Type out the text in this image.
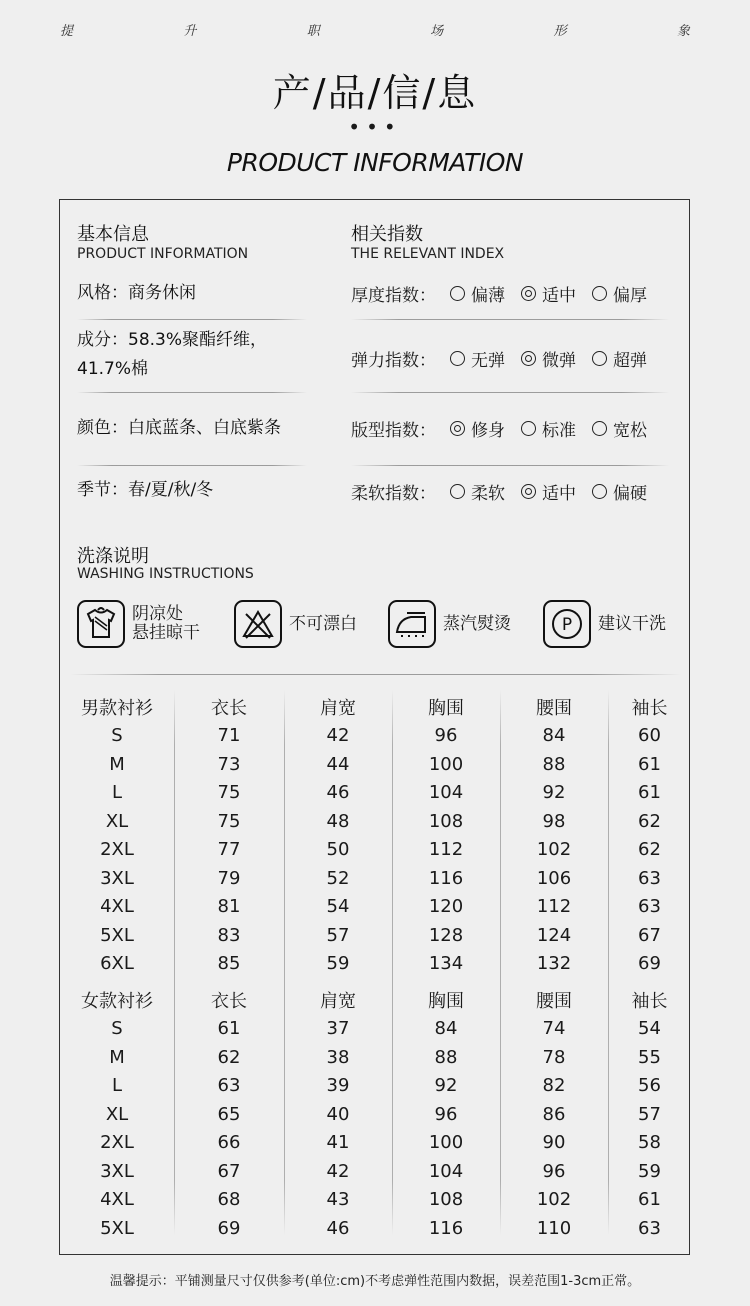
提	升	职	场	形	象
产/品/信/息
•••
PRODUCT INFORMATION
基本信息
PRODUCT INFORMATION
风格：商务休闲
成分：58.3%聚酯纤维，
41.7%棉
颜色：白底蓝条、白底紫条
季节：春/夏/秋/冬
相关指数
THE RELEVANT INDEX
厚度指数：	偏薄 适中 偏厚
弹力指数：	无弹 微弹 超弹
版型指数：	修身 标准 宽松
柔软指数：	柔软 适中 偏硬
洗涤说明
WASHING INSTRUCTIONS
阴凉处
悬挂晾干	不可漂白	蒸汽熨烫	P 建议干洗
男款衬衫	衣长	肩宽	胸围	腰围	袖长
S	71	42	96	84	60
M	73	44	100	88	61
L	75	46	104	92	61
XL	75	48	108	98	62
2XL	77	50	112	102	62
3XL	79	52	116	106	63
4XL	81	54	120	112	63
5XL	83	57	128	124	67
6XL	85	59	134	132	69
女款衬衫	衣长	肩宽	胸围	腰围	袖长
S	61	37	84	74	54
M	62	38	88	78	55
L	63	39	92	82	56
XL	65	40	96	86	57
2XL	66	41	100	90	58
3XL	67	42	104	96	59
4XL	68	43	108	102	61
5XL	69	46	116	110	63
温馨提示：平铺测量尺寸仅供参考(单位:cm)不考虑弹性范围内数据，误差范围1-3cm正常。
